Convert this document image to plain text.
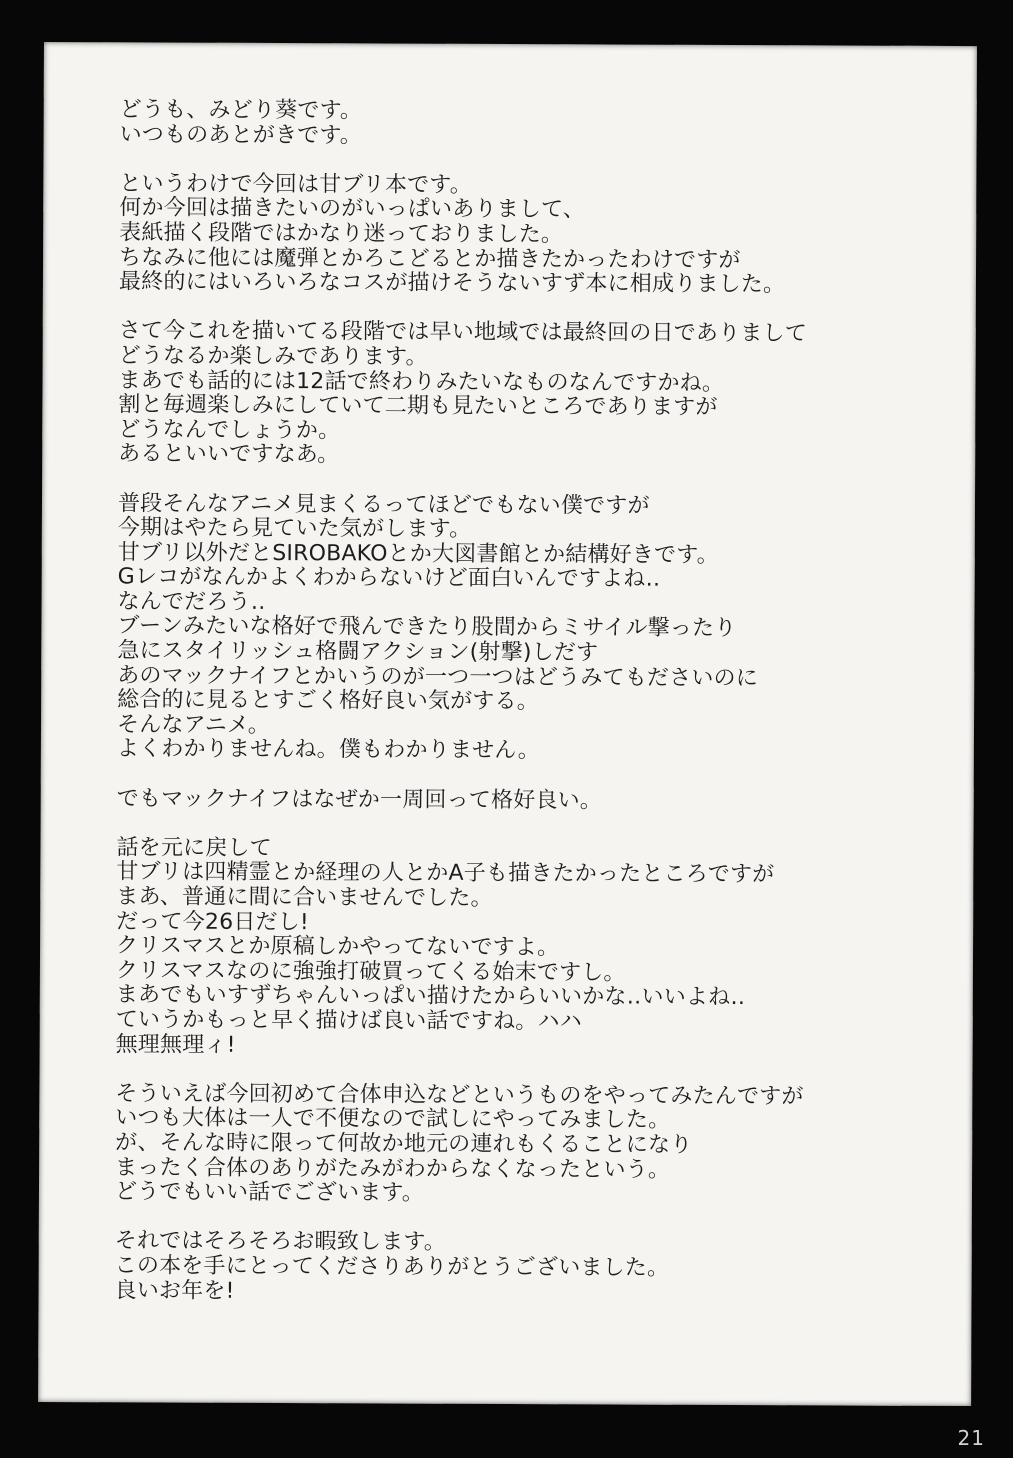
どうも、みどり葵です。
いつものあとがきです。

というわけで今回は甘ブリ本です。
何か今回は描きたいのがいっぱいありまして、
表紙描く段階ではかなり迷っておりました。
ちなみに他には魔弾とかろこどるとか描きたかったわけですが
最終的にはいろいろなコスが描けそうないすず本に相成りました。

さて今これを描いてる段階では早い地域では最終回の日でありまして
どうなるか楽しみであります。
まあでも話的には12話で終わりみたいなものなんですかね。
割と毎週楽しみにしていて二期も見たいところでありますが
どうなんでしょうか。
あるといいですなあ。

普段そんなアニメ見まくるってほどでもない僕ですが
今期はやたら見ていた気がします。
甘ブリ以外だとSIROBAKOとか大図書館とか結構好きです。
Gレコがなんかよくわからないけど面白いんですよね‥
なんでだろう‥
ブーンみたいな格好で飛んできたり股間からミサイル撃ったり
急にスタイリッシュ格闘アクション(射撃)しだす
あのマックナイフとかいうのが一つ一つはどうみてもださいのに
総合的に見るとすごく格好良い気がする。
そんなアニメ。
よくわかりませんね。僕もわかりません。

でもマックナイフはなぜか一周回って格好良い。

話を元に戻して
甘ブリは四精霊とか経理の人とかA子も描きたかったところですが
まあ、普通に間に合いませんでした。
だって今26日だし!
クリスマスとか原稿しかやってないですよ。
クリスマスなのに強強打破買ってくる始末ですし。
まあでもいすずちゃんいっぱい描けたからいいかな‥いいよね‥
ていうかもっと早く描けば良い話ですね。ハハ
無理無理ィ!

そういえば今回初めて合体申込などというものをやってみたんですが
いつも大体は一人で不便なので試しにやってみました。
が、そんな時に限って何故か地元の連れもくることになり
まったく合体のありがたみがわからなくなったという。
どうでもいい話でございます。

それではそろそろお暇致します。
この本を手にとってくださりありがとうございました。
良いお年を!

21
